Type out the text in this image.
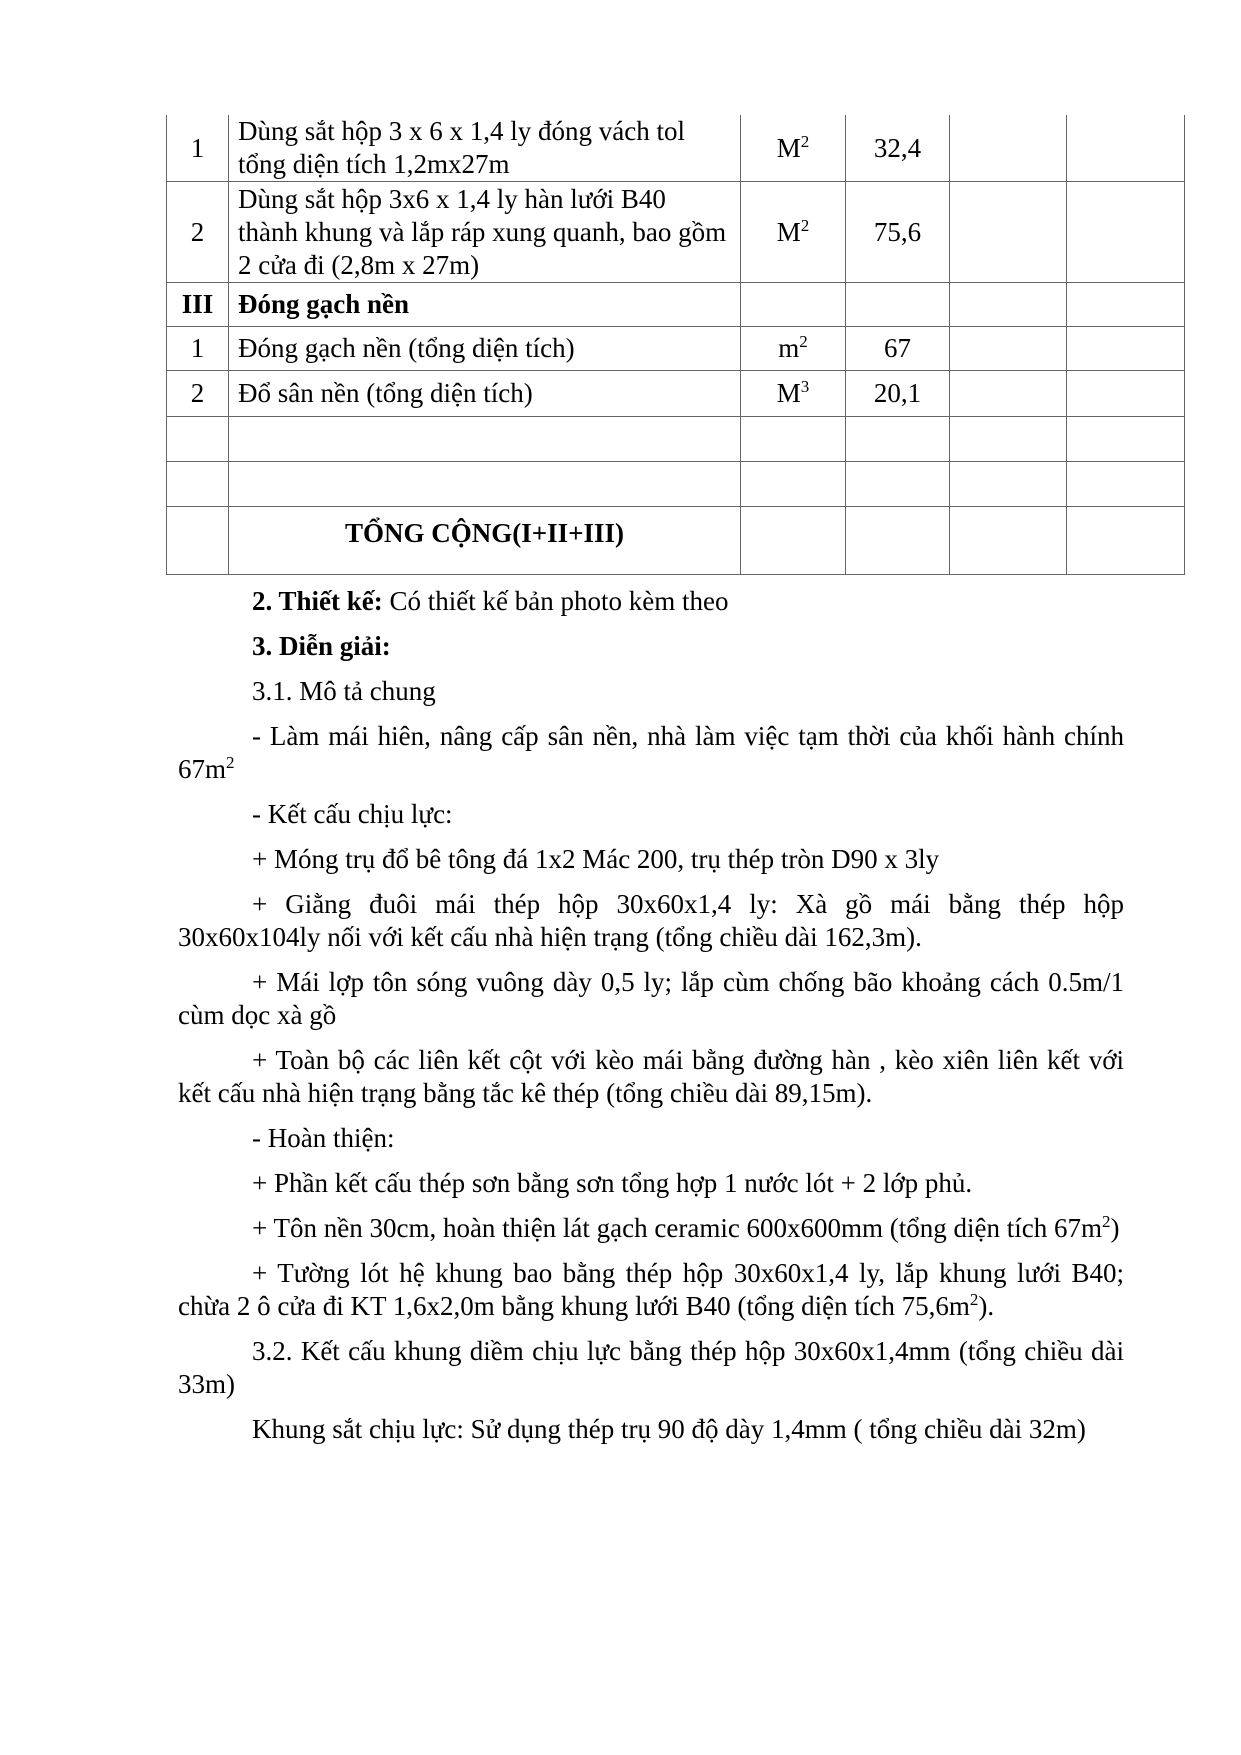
1	Dùng sắt hộp 3 x 6 x 1,4 ly đóng vách tol tổng diện tích 1,2mx27m	$M^2$	32,4		
2	Dùng sắt hộp 3x6 x 1,4 ly hàn lưới B40 thành khung và lắp ráp xung quanh, bao gồm 2 cửa đi (2,8m x 27m)	$M^2$	75,6		
III	Đóng gạch nền				
1	Đóng gạch nền (tổng diện tích)	$m^2$	67		
2	Đổ sân nền (tổng diện tích)	$M^3$	20,1		

	TỔNG CỘNG(I+II+III)				

2. Thiết kế: Có thiết kế bản photo kèm theo

3. Diễn giải:

3.1. Mô tả chung

- Làm mái hiên, nâng cấp sân nền, nhà làm việc tạm thời của khối hành chính $67m^2$

- Kết cấu chịu lực:

+ Móng trụ đổ bê tông đá 1x2 Mác 200, trụ thép tròn D90 x 3ly

+ Giằng đuôi mái thép hộp 30x60x1,4 ly: Xà gồ mái bằng thép hộp 30x60x104ly nối với kết cấu nhà hiện trạng (tổng chiều dài 162,3m).

+ Mái lợp tôn sóng vuông dày 0,5 ly; lắp cùm chống bão khoảng cách 0.5m/1 cùm dọc xà gồ

+ Toàn bộ các liên kết cột với kèo mái bằng đường hàn , kèo xiên liên kết với kết cấu nhà hiện trạng bằng tắc kê thép (tổng chiều dài 89,15m).

- Hoàn thiện:

+ Phần kết cấu thép sơn bằng sơn tổng hợp 1 nước lót + 2 lớp phủ.

+ Tôn nền 30cm, hoàn thiện lát gạch ceramic 600x600mm (tổng diện tích $67m^2$)

+ Tường lót hệ khung bao bằng thép hộp 30x60x1,4 ly, lắp khung lưới B40; chừa 2 ô cửa đi KT 1,6x2,0m bằng khung lưới B40 (tổng diện tích $75,6m^2$).

3.2. Kết cấu khung diềm chịu lực bằng thép hộp 30x60x1,4mm (tổng chiều dài 33m)

Khung sắt chịu lực: Sử dụng thép trụ 90 độ dày 1,4mm ( tổng chiều dài 32m)
